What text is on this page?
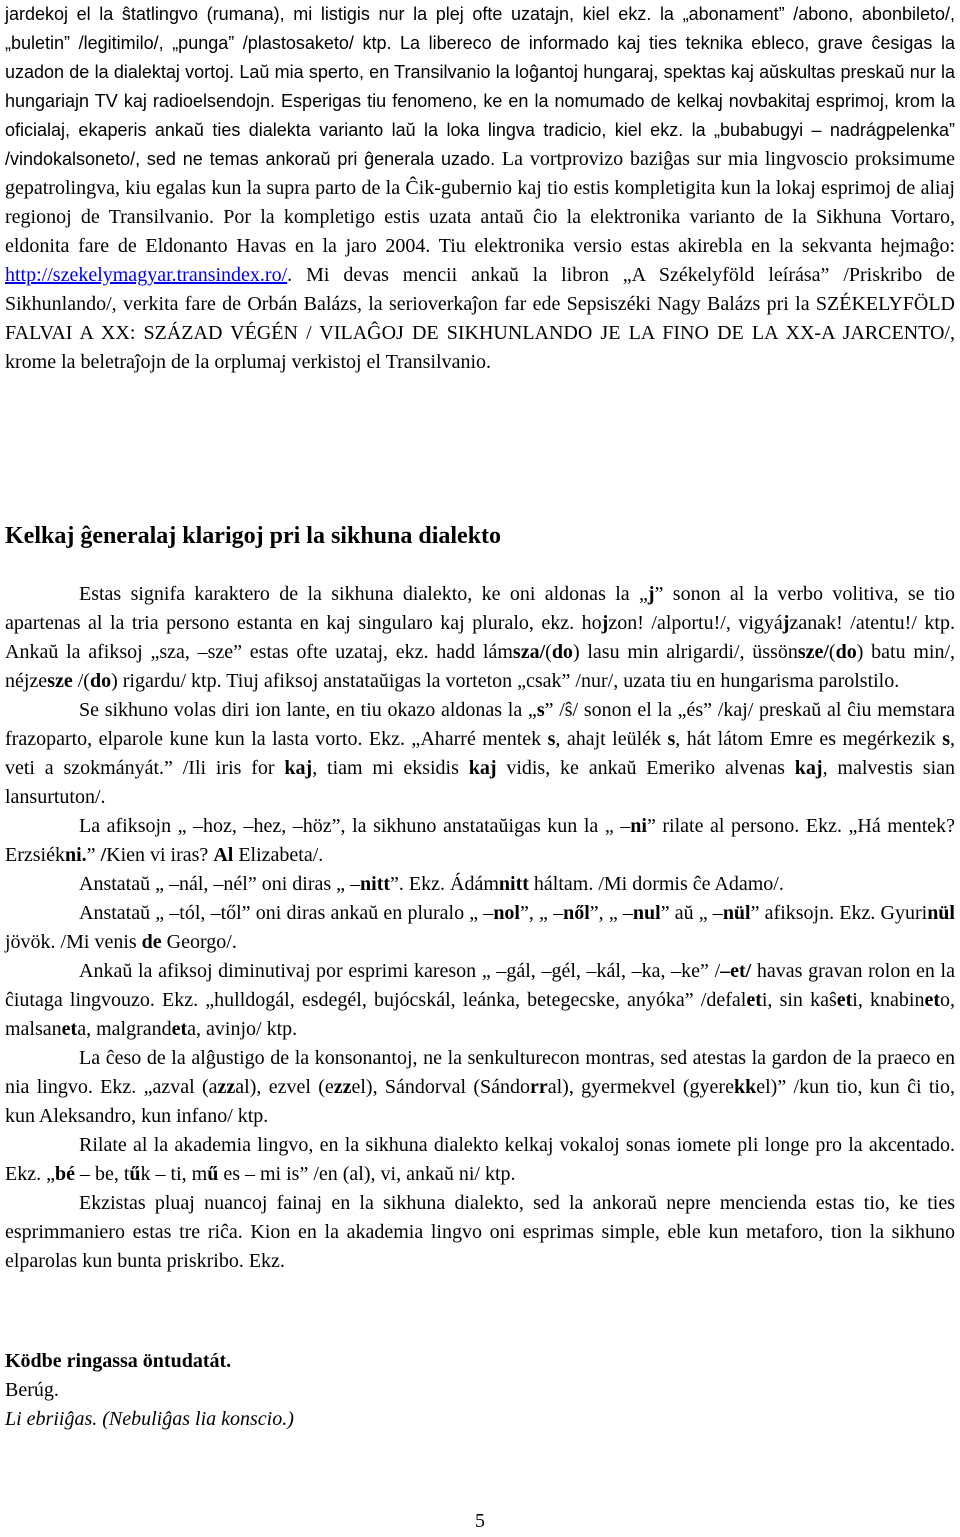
jardekoj el la ŝtatlingvo (rumana), mi listigis nur la plej ofte uzatajn, kiel ekz. la „abonament” /abono, abonbileto/, „buletin” /legitimilo/, „punga” /plastosaketo/ ktp. La libereco de informado kaj ties teknika ebleco, grave ĉesigas la uzadon de la dialektaj vortoj. Laŭ mia sperto, en Transilvanio la loĝantoj hungaraj, spektas kaj aŭskultas preskaŭ nur la hungariajn TV kaj radioelsendojn. Esperigas tiu fenomeno, ke en la nomumado de kelkaj novbakitaj esprimoj, krom la oficialaj, ekaperis ankaŭ ties dialekta varianto laŭ la loka lingva tradicio, kiel ekz. la „bubabugyi – nadrágpelenka” /vindokalsoneto/, sed ne temas ankoraŭ pri ĝenerala uzado. La vortprovizo baziĝas sur mia lingvoscio proksimume gepatrolingva, kiu egalas kun la supra parto de la Ĉik-gubernio kaj tio estis kompletigita kun la lokaj esprimoj de aliaj regionoj de Transilvanio. Por la kompletigo estis uzata antaŭ ĉio la elektronika varianto de la Sikhuna Vortaro, eldonita fare de Eldonanto Havas en la jaro 2004. Tiu elektronika versio estas akirebla en la sekvanta hejmaĝo: http://szekelymagyar.transindex.ro/. Mi devas mencii ankaŭ la libron „A Székelyföld leírása” /Priskribo de Sikhunlando/, verkita fare de Orbán Balázs, la serioverkaĵon far ede Sepsiszéki Nagy Balázs pri la SZÉKELYFÖLD FALVAI A XX: SZÁZAD VÉGÉN / VILAĜOJ DE SIKHUNLANDO JE LA FINO DE LA XX-A JARCENTO/, krome la beletraĵojn de la orplumaj verkistoj el Transilvanio.
Kelkaj ĝeneralaj klarigoj pri la sikhuna dialekto
Estas signifa karaktero de la sikhuna dialekto, ke oni aldonas la „j” sonon al la verbo volitiva, se tio apartenas al la tria persono estanta en kaj singularo kaj pluralo, ekz. hojzon! /alportu!/, vigyájzanak! /atentu!/ ktp. Ankaŭ la afiksoj „sza, –sze” estas ofte uzataj, ekz. hadd lámsza/(do) lasu min alrigardi/, üssönsze/(do) batu min/, néjzesze /(do) rigardu/ ktp. Tiuj afiksoj anstataŭigas la vorteton „csak” /nur/, uzata tiu en hungarisma parolstilo.
Se sikhuno volas diri ion lante, en tiu okazo aldonas la „s” /ŝ/ sonon el la „és” /kaj/ preskaŭ al ĉiu memstara frazoparto, elparole kune kun la lasta vorto. Ekz. „Aharré mentek s, ahajt leülék s, hát látom Emre es megérkezik s, veti a szokmányát.” /Ili iris for kaj, tiam mi eksidis kaj vidis, ke ankaŭ Emeriko alvenas kaj, malvestis sian lansurtuton/.
La afiksojn „ –hoz, –hez, –höz”, la sikhuno anstataŭigas kun la „ –ni” rilate al persono. Ekz. „Há mentek? Erzsiékni.” /Kien vi iras? Al Elizabeta/.
Anstataŭ „ –nál, –nél” oni diras „ –nitt”. Ekz. Ádámnitt háltam. /Mi dormis ĉe Adamo/.
Anstataŭ „ –tól, –től” oni diras ankaŭ en pluralo „ –nol”, „ –nől”, „ –nul” aŭ „ –nül” afiksojn. Ekz. Gyurinül jövök. /Mi venis de Georgo/.
Ankaŭ la afiksoj diminutivaj por esprimi kareson „ –gál, –gél, –kál, –ka, –ke” /–et/ havas gravan rolon en la ĉiutaga lingvouzo. Ekz. „hulldogál, esdegél, bujócskál, leánka, betegecske, anyóka” /defaleti, sin kaŝeti, knabineto, malsaneta, malgrandeta, avinjo/ ktp.
La ĉeso de la alĝustigo de la konsonantoj, ne la senkulturecon montras, sed atestas la gardon de la praeco en nia lingvo. Ekz. „azval (azzal), ezvel (ezzel), Sándorval (Sándorral), gyermekvel (gyerekkel)” /kun tio, kun ĉi tio, kun Aleksandro, kun infano/ ktp.
Rilate al la akademia lingvo, en la sikhuna dialekto kelkaj vokaloj sonas iomete pli longe pro la akcentado. Ekz. „bé – be, tűk – ti, mű es – mi is” /en (al), vi, ankaŭ ni/ ktp.
Ekzistas pluaj nuancoj fainaj en la sikhuna dialekto, sed la ankoraŭ nepre mencienda estas tio, ke ties esprimmaniero estas tre riĉa. Kion en la akademia lingvo oni esprimas simple, eble kun metaforo, tion la sikhuno elparolas kun bunta priskribo. Ekz.
Ködbe ringassa öntudatát.
Berúg.
Li ebriiĝas. (Nebuliĝas lia konscio.)
5
